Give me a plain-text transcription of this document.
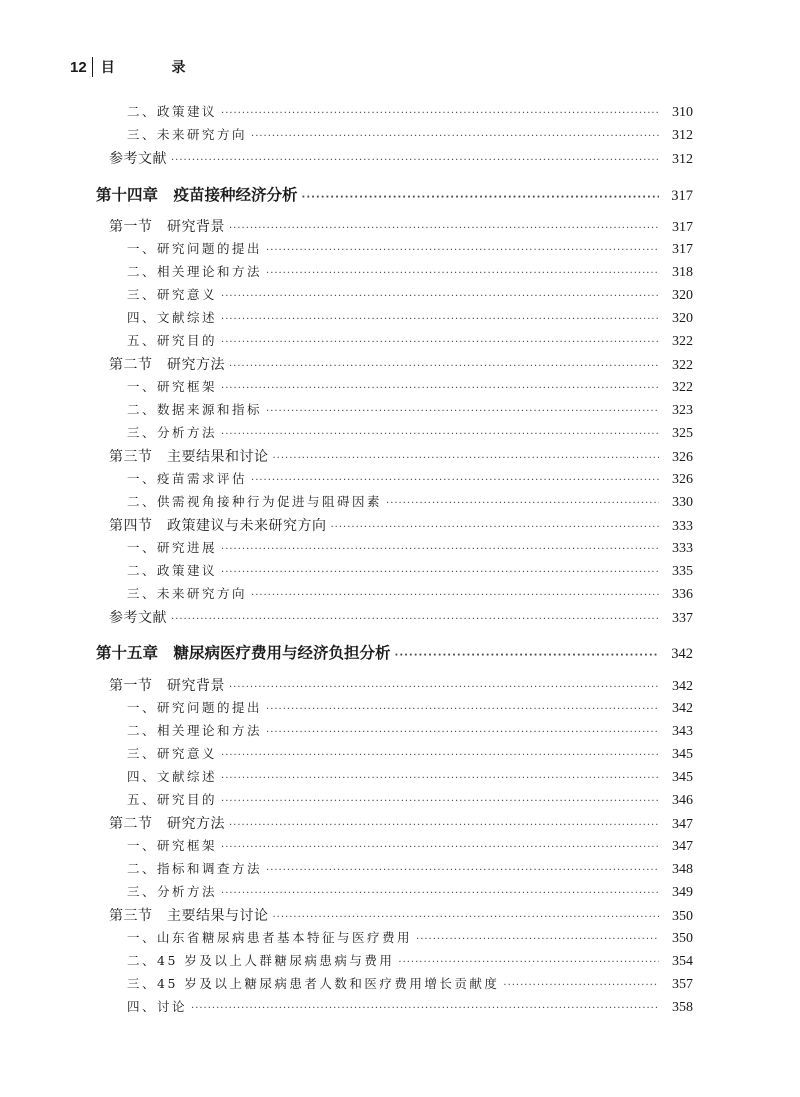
12 目 录
二、政策建议 ·····	310
三、未来研究方向 ·····	312
参考文献 ·····	312
第十四章　疫苗接种经济分析 ·····	317
第一节　研究背景 ·····	317
一、研究问题的提出 ·····	317
二、相关理论和方法 ·····	318
三、研究意义 ·····	320
四、文献综述 ·····	320
五、研究目的 ·····	322
第二节　研究方法 ·····	322
一、研究框架 ·····	322
二、数据来源和指标 ·····	323
三、分析方法 ·····	325
第三节　主要结果和讨论 ·····	326
一、疫苗需求评估 ·····	326
二、供需视角接种行为促进与阻碍因素 ·····	330
第四节　政策建议与未来研究方向 ·····	333
一、研究进展 ·····	333
二、政策建议 ·····	335
三、未来研究方向 ·····	336
参考文献 ·····	337
第十五章　糖尿病医疗费用与经济负担分析 ·····	342
第一节　研究背景 ·····	342
一、研究问题的提出 ·····	342
二、相关理论和方法 ·····	343
三、研究意义 ·····	345
四、文献综述 ·····	345
五、研究目的 ·····	346
第二节　研究方法 ·····	347
一、研究框架 ·····	347
二、指标和调查方法 ·····	348
三、分析方法 ·····	349
第三节　主要结果与讨论 ·····	350
一、山东省糖尿病患者基本特征与医疗费用 ·····	350
二、45 岁及以上人群糖尿病患病与费用 ·····	354
三、45 岁及以上糖尿病患者人数和医疗费用增长贡献度 ·····	357
四、讨论 ·····	358
